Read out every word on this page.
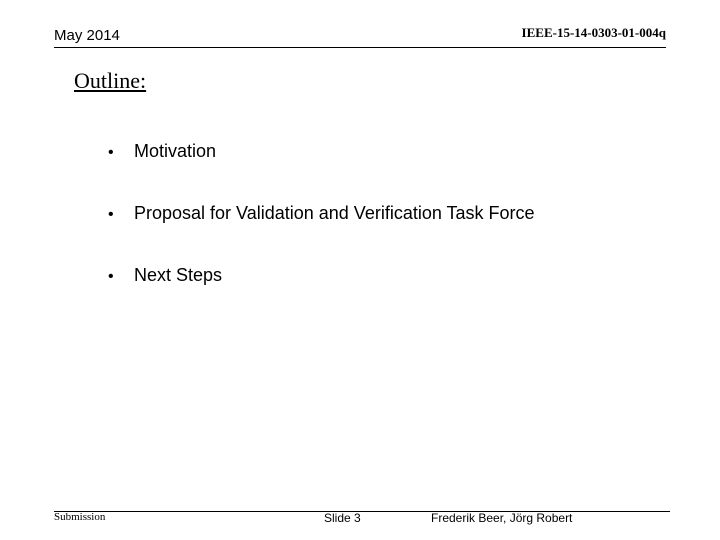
May 2014	IEEE-15-14-0303-01-004q
Outline:
• Motivation
• Proposal for Validation and Verification Task Force
• Next Steps
Submission	Slide 3	Frederik Beer, Jörg Robert
